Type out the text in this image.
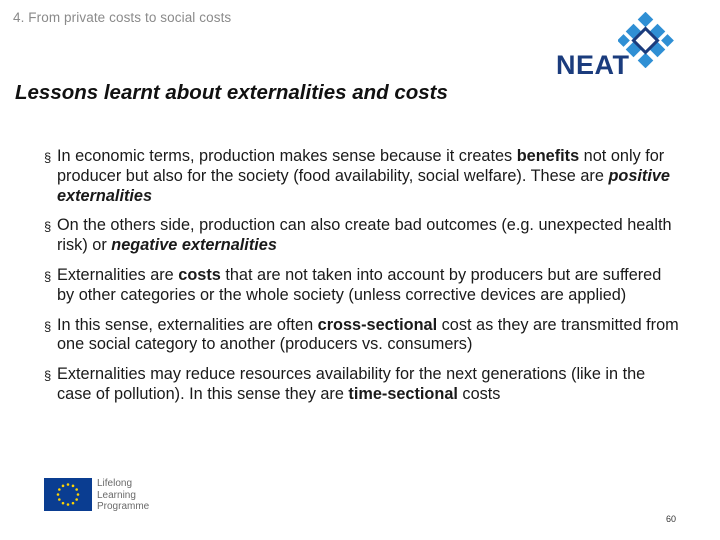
4. From private costs to social costs
NEAT
Lessons learnt about externalities and costs
§ In economic terms, production makes sense because it creates benefits not only for producer but also for the society (food availability, social welfare). These are positive externalities
§ On the others side, production can also create bad outcomes (e.g. unexpected health risk) or negative externalities
§ Externalities are costs that are not taken into account by producers but are suffered by other categories or the whole society (unless corrective devices are applied)
§ In this sense, externalities are often cross-sectional cost as they are transmitted from one social category to another (producers vs. consumers)
§ Externalities may reduce resources availability for the next generations (like in the case of pollution). In this sense they are time-sectional costs
Lifelong
Learning
Programme
60
